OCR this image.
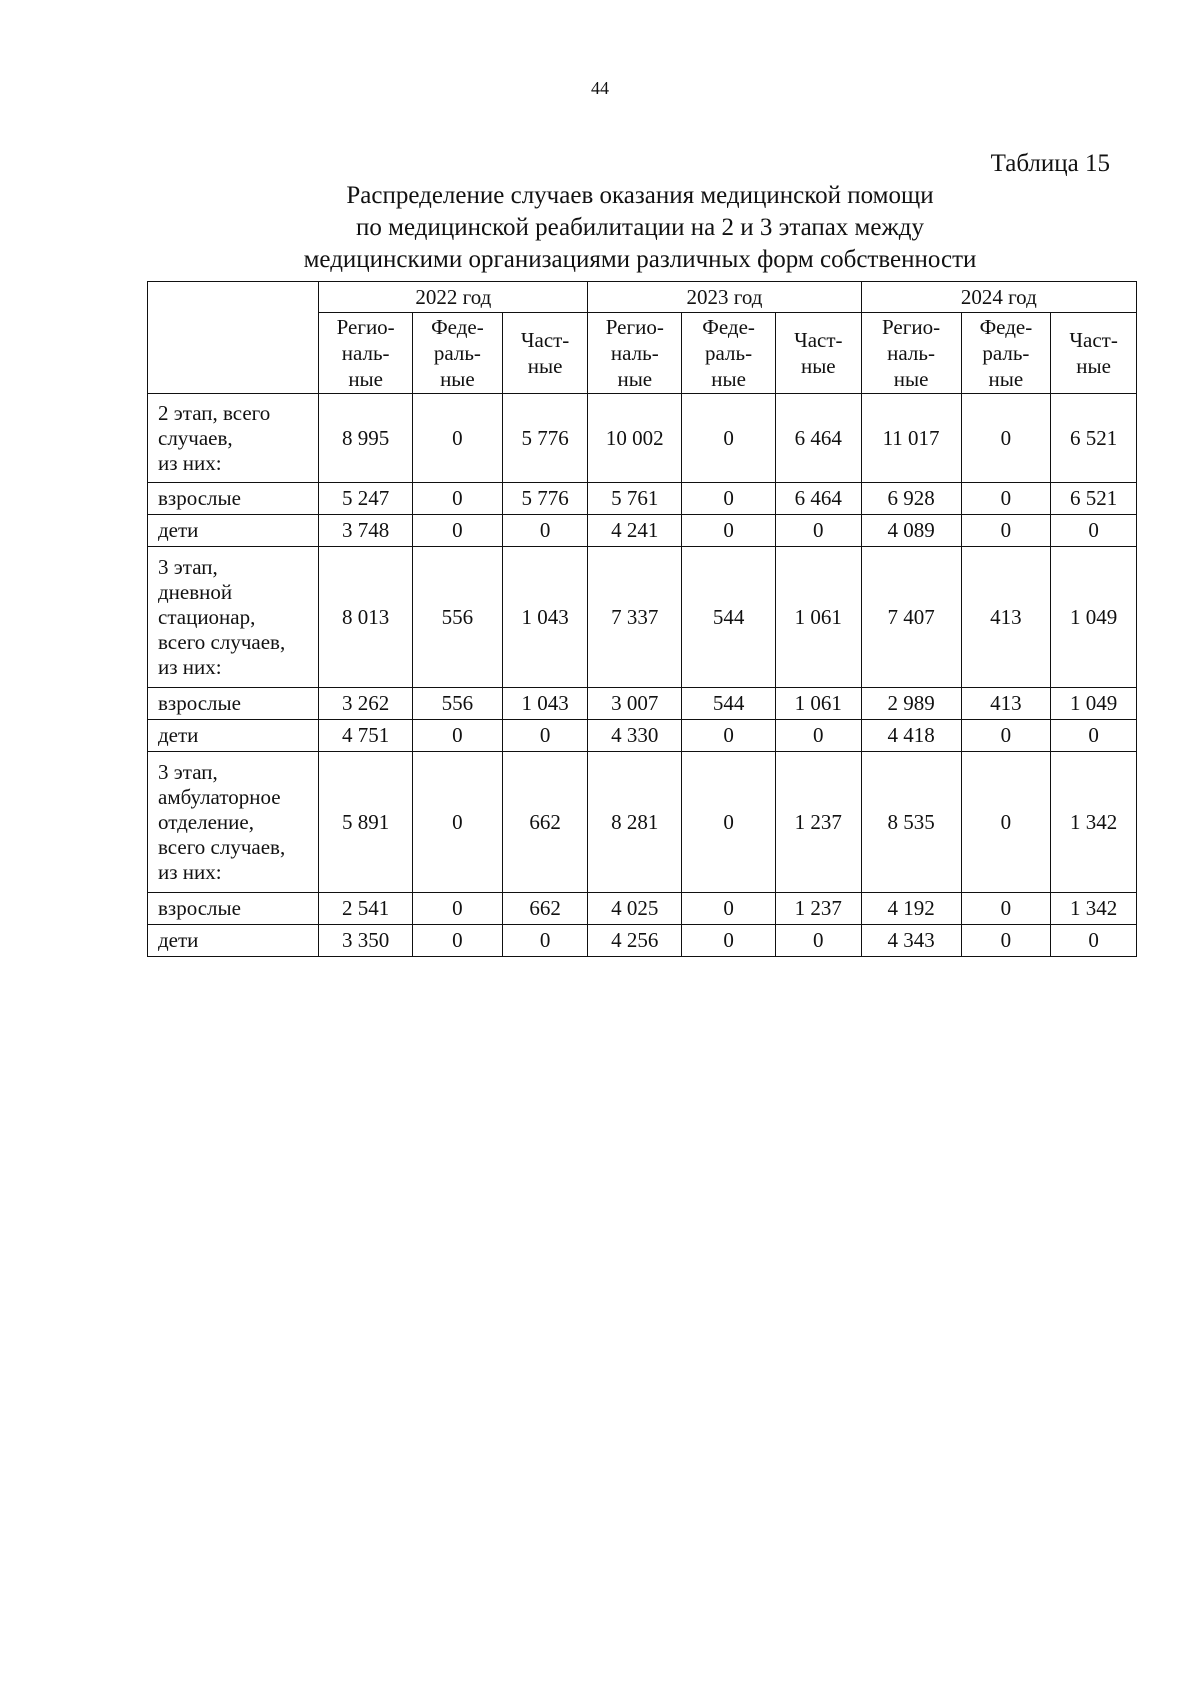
44
Таблица 15
Распределение случаев оказания медицинской помощи
по медицинской реабилитации на 2 и 3 этапах между
медицинскими организациями различных форм собственности
	2022 год			2023 год			2024 год		

	Регио-
наль-
ные	Феде-
раль-
ные	Част-
ные	Регио-
наль-
ные	Феде-
раль-
ные	Част-
ные	Регио-
наль-
ные	Феде-
раль-
ные	Част-
ные

2 этап, всего
случаев,
из них:	8 995	0	5 776	10 002	0	6 464	11 017	0	6 521
взрослые	5 247	0	5 776	5 761	0	6 464	6 928	0	6 521
дети	3 748	0	0	4 241	0	0	4 089	0	0
3 этап,
дневной
стационар,
всего случаев,
из них:	8 013	556	1 043	7 337	544	1 061	7 407	413	1 049
взрослые	3 262	556	1 043	3 007	544	1 061	2 989	413	1 049
дети	4 751	0	0	4 330	0	0	4 418	0	0
3 этап,
амбулаторное
отделение,
всего случаев,
из них:	5 891	0	662	8 281	0	1 237	8 535	0	1 342
взрослые	2 541	0	662	4 025	0	1 237	4 192	0	1 342
дети	3 350	0	0	4 256	0	0	4 343	0	0
